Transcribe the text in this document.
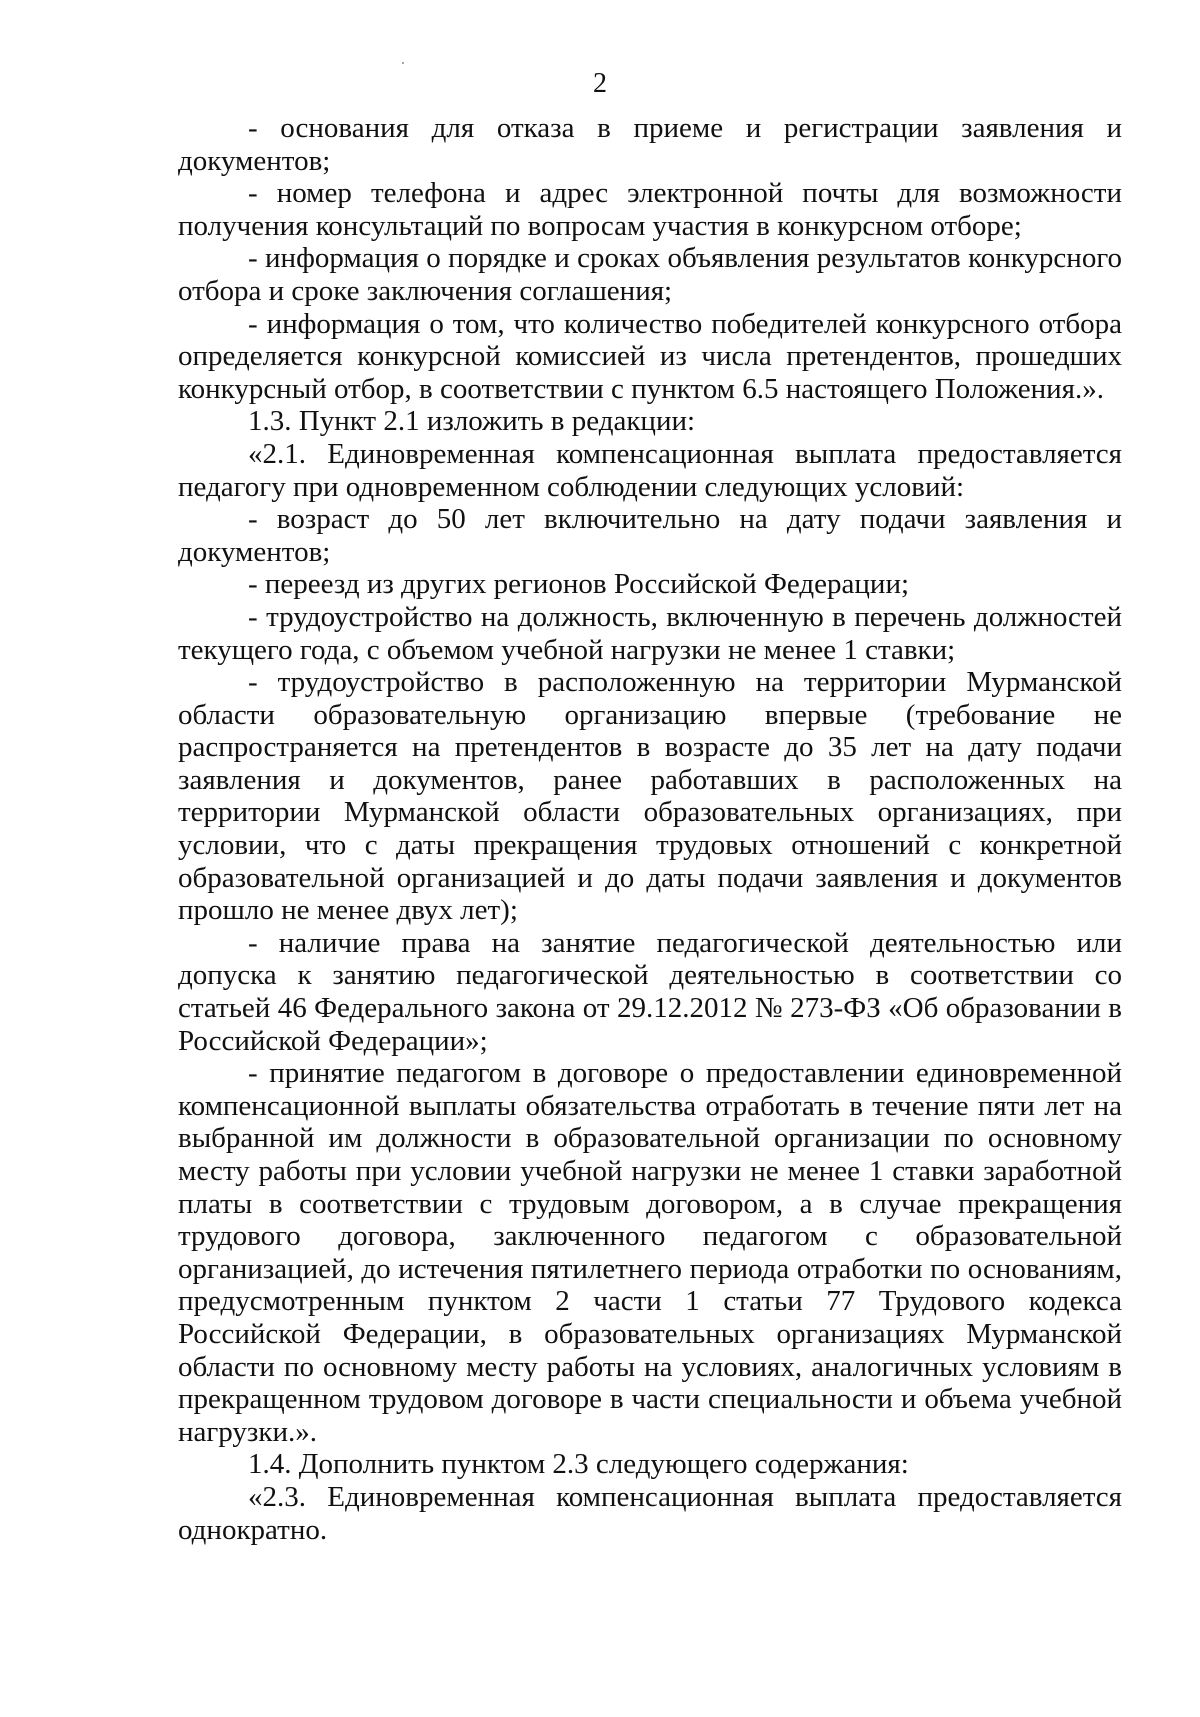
2

- основания для отказа в приеме и регистрации заявления и документов;

- номер телефона и адрес электронной почты для возможности получения консультаций по вопросам участия в конкурсном отборе;

- информация о порядке и сроках объявления результатов конкурсного отбора и сроке заключения соглашения;

- информация о том, что количество победителей конкурсного отбора определяется конкурсной комиссией из числа претендентов, прошедших конкурсный отбор, в соответствии с пунктом 6.5 настоящего Положения.».

1.3. Пункт 2.1 изложить в редакции:

«2.1. Единовременная компенсационная выплата предоставляется педагогу при одновременном соблюдении следующих условий:

- возраст до 50 лет включительно на дату подачи заявления и документов;

- переезд из других регионов Российской Федерации;

- трудоустройство на должность, включенную в перечень должностей текущего года, с объемом учебной нагрузки не менее 1 ставки;

- трудоустройство в расположенную на территории Мурманской области образовательную организацию впервые (требование не распространяется на претендентов в возрасте до 35 лет на дату подачи заявления и документов, ранее работавших в расположенных на территории Мурманской области образовательных организациях, при условии, что с даты прекращения трудовых отношений с конкретной образовательной организацией и до даты подачи заявления и документов прошло не менее двух лет);

- наличие права на занятие педагогической деятельностью или допуска к занятию педагогической деятельностью в соответствии со статьей 46 Федерального закона от 29.12.2012 № 273-ФЗ «Об образовании в Российской Федерации»;

- принятие педагогом в договоре о предоставлении единовременной компенсационной выплаты обязательства отработать в течение пяти лет на выбранной им должности в образовательной организации по основному месту работы при условии учебной нагрузки не менее 1 ставки заработной платы в соответствии с трудовым договором, а в случае прекращения трудового договора, заключенного педагогом с образовательной организацией, до истечения пятилетнего периода отработки по основаниям, предусмотренным пунктом 2 части 1 статьи 77 Трудового кодекса Российской Федерации, в образовательных организациях Мурманской области по основному месту работы на условиях, аналогичных условиям в прекращенном трудовом договоре в части специальности и объема учебной нагрузки.».

1.4. Дополнить пунктом 2.3 следующего содержания:

«2.3. Единовременная компенсационная выплата предоставляется однократно.
